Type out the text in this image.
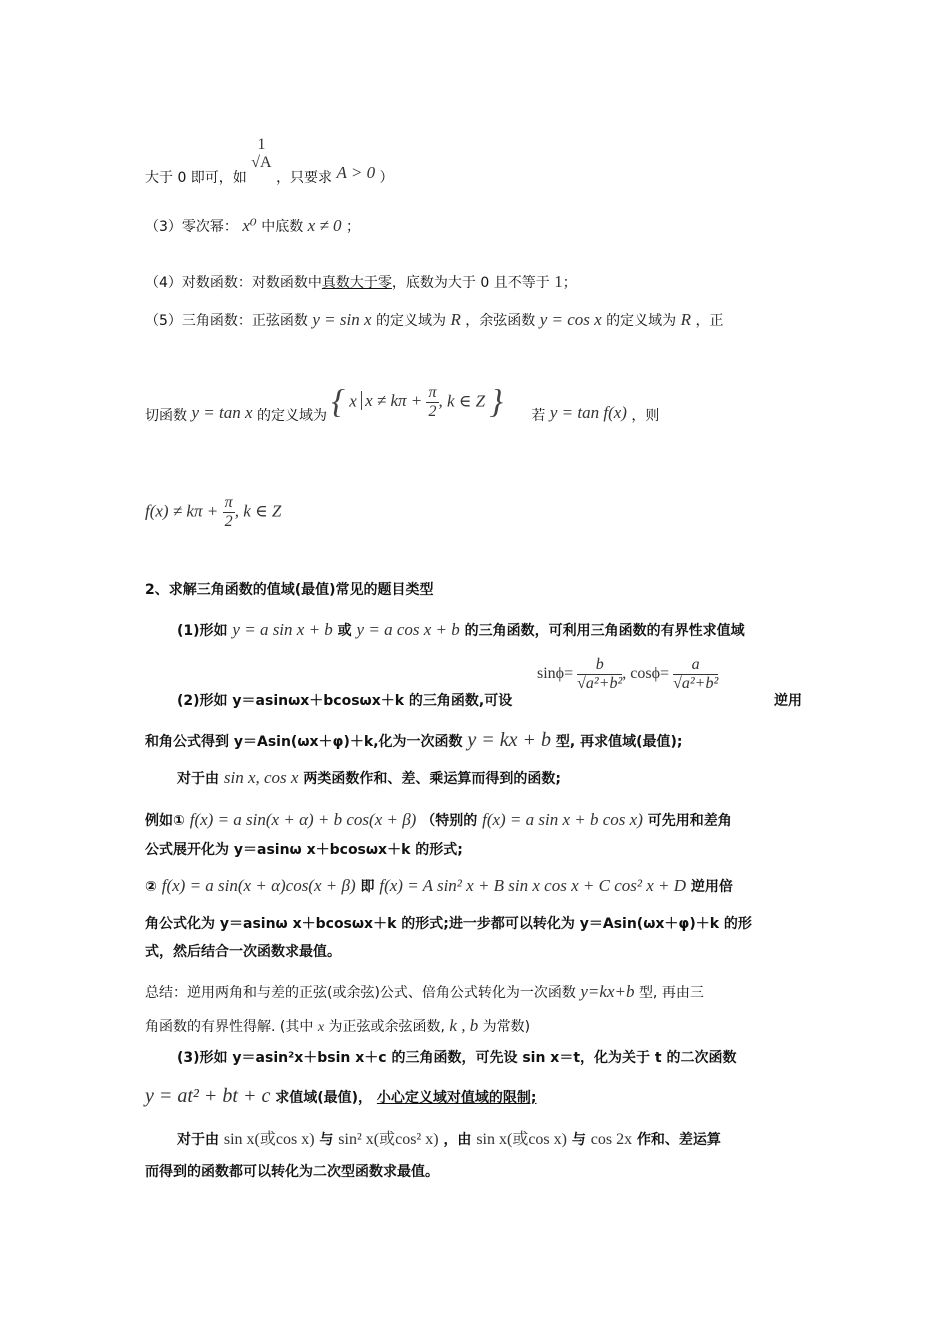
大于 0 即可，如
1
√A
，只要求 A > 0 ）
（3）零次幂： x⁰ 中底数 x ≠ 0 ；
（4）对数函数：对数函数中真数大于零，底数为大于 0 且不等于 1；
（5）三角函数：正弦函数 y = sin x 的定义域为 R ，余弦函数 y = cos x 的定义域为 R ，正
切函数 y = tan x 的定义域为 { x $x \ne k\pi + \frac{\pi}{2}$ , k ∈ Z } 若 y = tan f(x) ，则
$f(x) \ne k\pi + \frac{\pi}{2}$ , k ∈ Z
2、求解三角函数的值域(最值)常见的题目类型
(1)形如 y = a sin x + b 或 y = a cos x + b 的三角函数，可利用三角函数的有界性求值域
$\sin\phi= \frac{b}{\text{√a²+b²}}$ , $\cos\phi= \frac{a}{\text{√a²+b²}}$
(2)形如 y＝asinωx＋bcosωx＋k 的三角函数,可设	逆用
和角公式得到 y＝Asin(ωx＋φ)＋k,化为一次函数 y = kx + b 型, 再求值域(最值);
对于由 sin x, cos x 两类函数作和、差、乘运算而得到的函数;
例如① f(x) = a sin(x + α) + b cos(x + β) （特别的 f(x) = a sin x + b cos x) 可先用和差角
公式展开化为 y＝asinω x＋bcosωx＋k 的形式;
② f(x) = a sin(x + α)cos(x + β) 即 f(x) = A sin² x + B sin x cos x + C cos² x + D 逆用倍
角公式化为 y＝asinω x＋bcosωx＋k 的形式;进一步都可以转化为 y＝Asin(ωx＋φ)＋k 的形
式，然后结合一次函数求最值。
总结：逆用两角和与差的正弦(或余弦)公式、倍角公式转化为一次函数 y=kx+b 型, 再由三
角函数的有界性得解. (其中 x 为正弦或余弦函数, k , b 为常数)
(3)形如 y＝asin²x＋bsin x＋c 的三角函数，可先设 sin x＝t，化为关于 t 的二次函数
y = at² + bt + c 求值域(最值)， 小心定义域对值域的限制;
对于由 sin x(或cos x) 与 sin² x(或cos² x) ，由 sin x(或cos x) 与 cos 2x 作和、差运算
而得到的函数都可以转化为二次型函数求最值。
